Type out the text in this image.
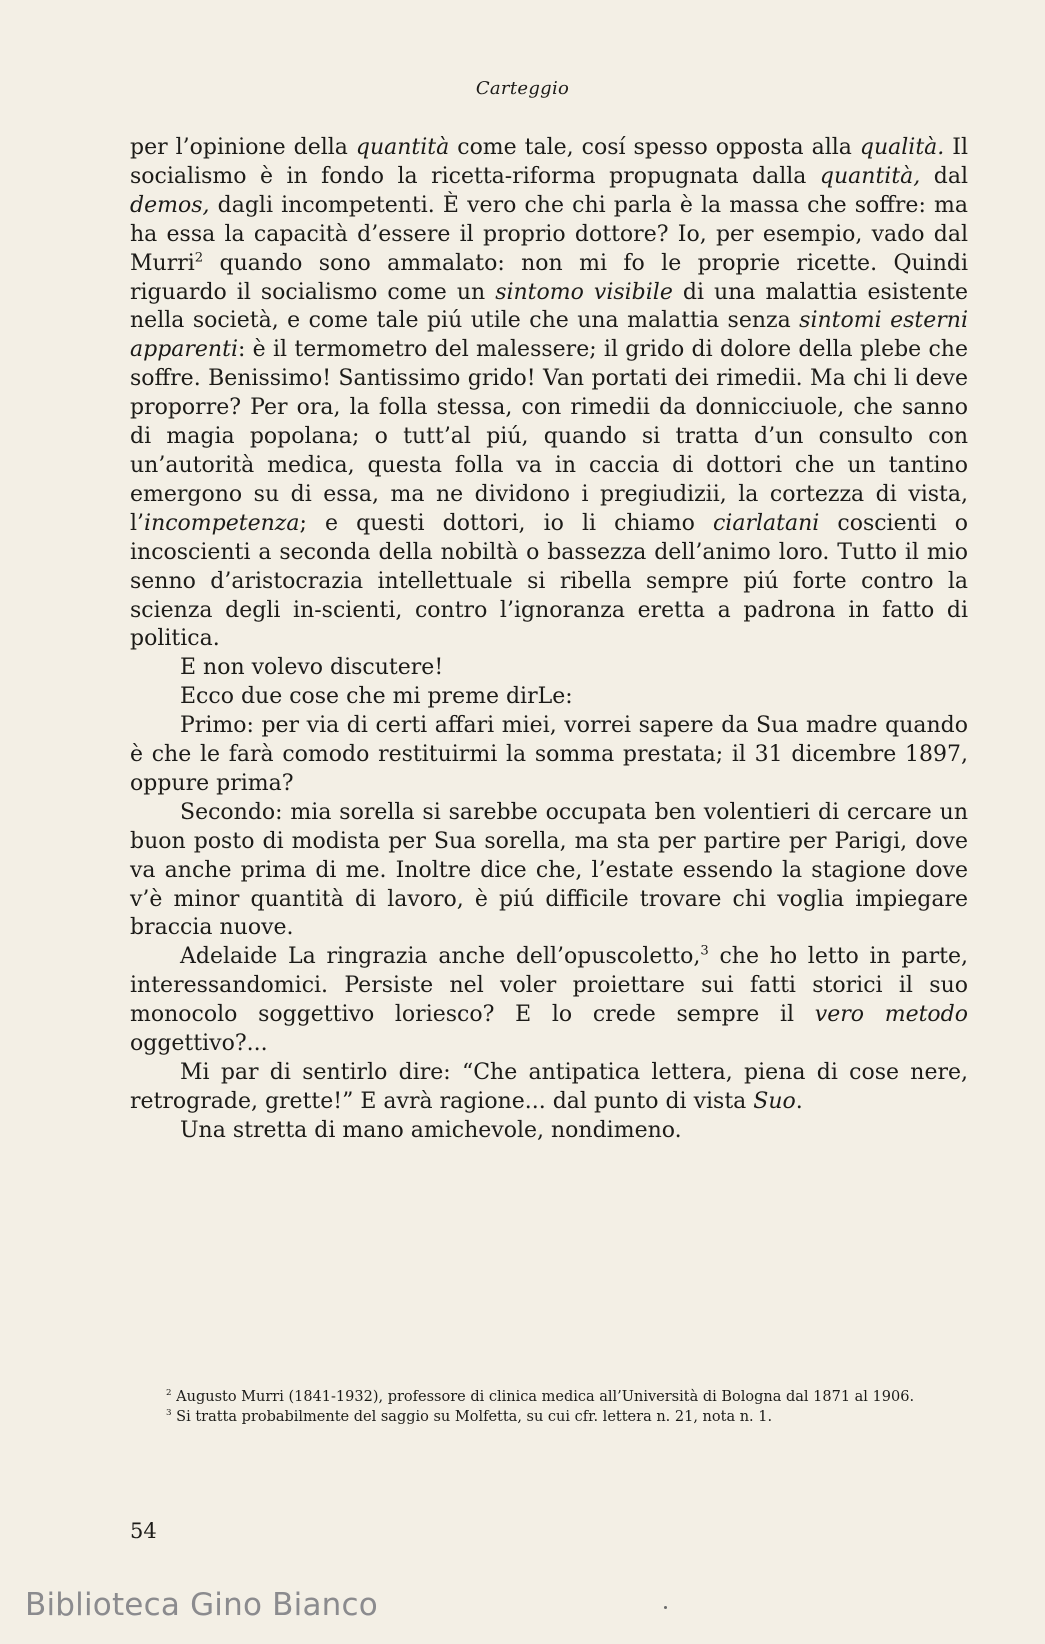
Carteggio

per l’opinione della quantità come tale, cosí spesso opposta alla qualità. Il socialismo è in fondo la ricetta-riforma propugnata dalla quantità, dal demos, dagli incompetenti. È vero che chi parla è la massa che soffre: ma ha essa la capacità d’essere il proprio dottore? Io, per esempio, vado dal Murri$^2$ quando sono ammalato: non mi fo le proprie ricette. Quindi riguardo il socialismo come un sintomo visibile di una malattia esistente nella società, e come tale piú utile che una malattia senza sintomi esterni apparenti: è il termometro del malessere; il grido di dolore della plebe che soffre. Benissimo! Santissimo grido! Van portati dei rimedii. Ma chi li deve proporre? Per ora, la folla stessa, con rimedii da donnicciuole, che sanno di magia popolana; o tutt’al piú, quando si tratta d’un consulto con un’autorità medica, questa folla va in caccia di dottori che un tantino emergono su di essa, ma ne dividono i pregiudizii, la cortezza di vista, l’incompetenza; e questi dottori, io li chiamo ciarlatani coscienti o incoscienti a seconda della nobiltà o bassezza dell’animo loro. Tutto il mio senno d’aristocrazia intellettuale si ribella sempre piú forte contro la scienza degli in-scienti, contro l’ignoranza eretta a padrona in fatto di politica.

E non volevo discutere!

Ecco due cose che mi preme dirLe:

Primo: per via di certi affari miei, vorrei sapere da Sua madre quando è che le farà comodo restituirmi la somma prestata; il 31 dicembre 1897, oppure prima?

Secondo: mia sorella si sarebbe occupata ben volentieri di cercare un buon posto di modista per Sua sorella, ma sta per partire per Parigi, dove va anche prima di me. Inoltre dice che, l’estate essendo la stagione dove v’è minor quantità di lavoro, è piú difficile trovare chi voglia impiegare braccia nuove.

Adelaide La ringrazia anche dell’opuscoletto,$^3$ che ho letto in parte, interessandomici. Persiste nel voler proiettare sui fatti storici il suo monocolo soggettivo loriesco? E lo crede sempre il vero metodo oggettivo?...

Mi par di sentirlo dire: “Che antipatica lettera, piena di cose nere, retrograde, grette!” E avrà ragione... dal punto di vista Suo.

Una stretta di mano amichevole, nondimeno.

$^2$ Augusto Murri (1841-1932), professore di clinica medica all’Università di Bologna dal 1871 al 1906.

$^3$ Si tratta probabilmente del saggio su Molfetta, su cui cfr. lettera n. 21, nota n. 1.

54
Biblioteca Gino Bianco
